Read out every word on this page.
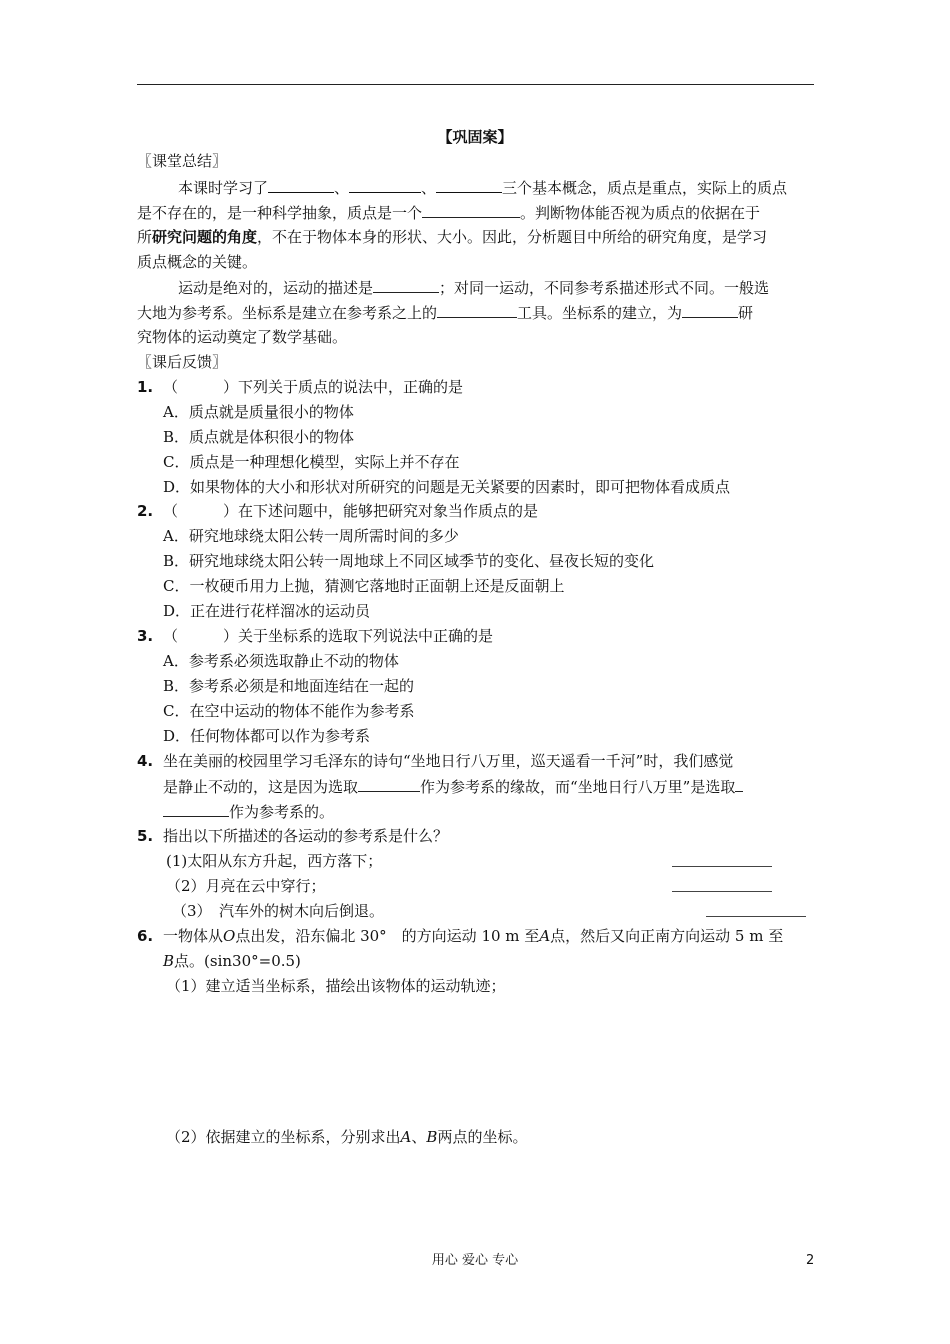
【巩固案】
〖课堂总结〗
本课时学习了	、	、	三个基本概念，质点是重点，实际上的质点
是不存在的，是一种科学抽象，质点是一个	。判断物体能否视为质点的依据在于
所研究问题的角度，不在于物体本身的形状、大小。因此，分析题目中所给的研究角度，是学习
质点概念的关键。
运动是绝对的，运动的描述是	；对同一运动，不同参考系描述形式不同。一般选
大地为参考系。坐标系是建立在参考系之上的	工具。坐标系的建立，为	研
究物体的运动奠定了数学基础。
〖课后反馈〗
1. （　　　）下列关于质点的说法中，正确的是
A．质点就是质量很小的物体
B．质点就是体积很小的物体
C．质点是一种理想化模型，实际上并不存在
D．如果物体的大小和形状对所研究的问题是无关紧要的因素时，即可把物体看成质点
2. （　　　）在下述问题中，能够把研究对象当作质点的是
A．研究地球绕太阳公转一周所需时间的多少
B．研究地球绕太阳公转一周地球上不同区域季节的变化、昼夜长短的变化
C．一枚硬币用力上抛，猜测它落地时正面朝上还是反面朝上
D．正在进行花样溜冰的运动员
3. （　　　）关于坐标系的选取下列说法中正确的是
A．参考系必须选取静止不动的物体
B．参考系必须是和地面连结在一起的
C．在空中运动的物体不能作为参考系
D．任何物体都可以作为参考系
4. 坐在美丽的校园里学习毛泽东的诗句“坐地日行八万里，巡天遥看一千河”时，我们感觉
是静止不动的，这是因为选取	作为参考系的缘故，而“坐地日行八万里”是选取
作为参考系的。
5. 指出以下所描述的各运动的参考系是什么？
(1)太阳从东方升起，西方落下；
（2）月亮在云中穿行；
（3）　汽车外的树木向后倒退。
6. 一物体从O点出发，沿东偏北 30°　的方向运动 10 m 至A点，然后又向正南方向运动 5 m 至
B点。(sin30°=0.5)
（1）建立适当坐标系，描绘出该物体的运动轨迹；
（2）依据建立的坐标系，分别求出A、B两点的坐标。
用心 爱心 专心	2
